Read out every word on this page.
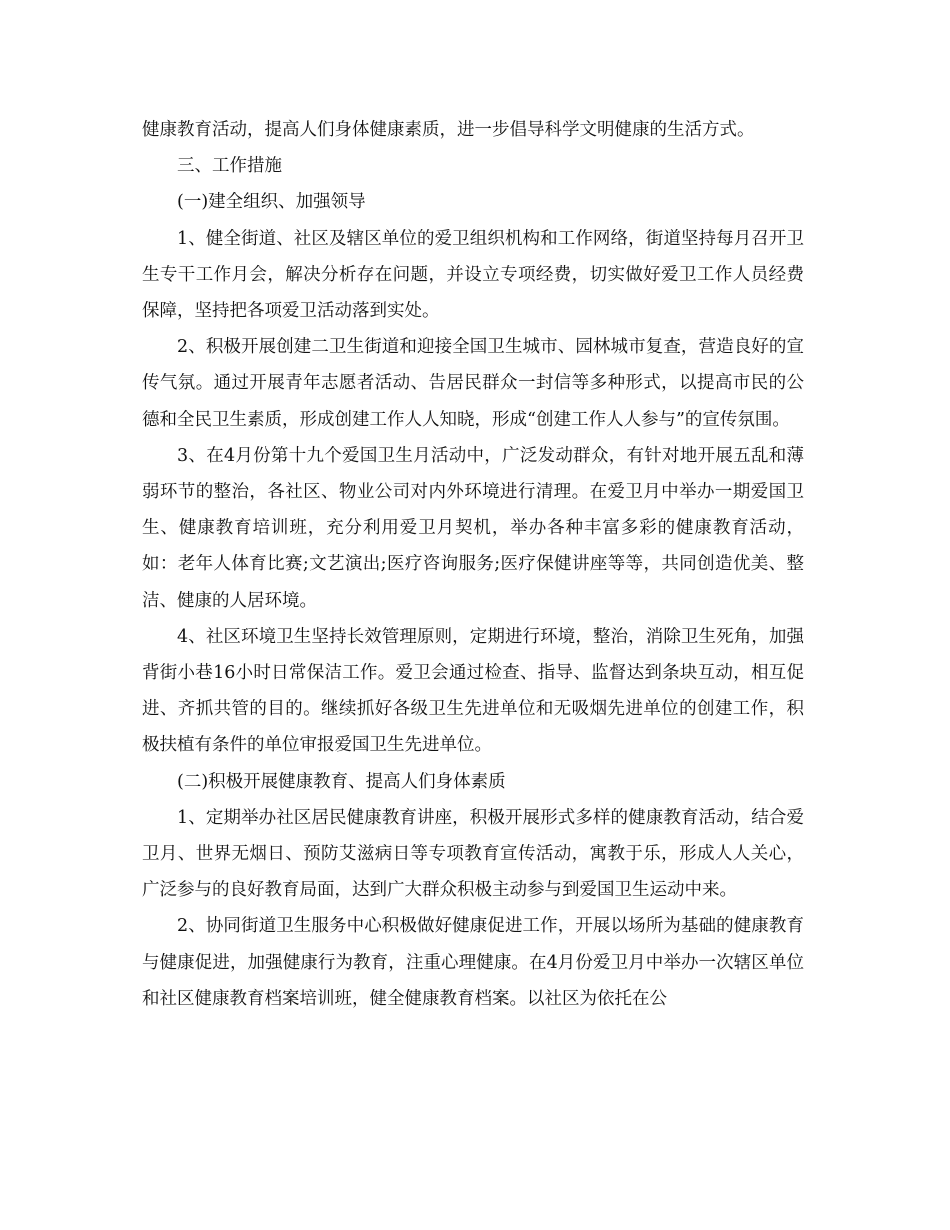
健康教育活动，提高人们身体健康素质，进一步倡导科学文明健康的生活方式。

三、工作措施

(一)建全组织、加强领导

1、健全街道、社区及辖区单位的爱卫组织机构和工作网络，街道坚持每月召开卫生专干工作月会，解决分析存在问题，并设立专项经费，切实做好爱卫工作人员经费保障，坚持把各项爱卫活动落到实处。

2、积极开展创建二卫生街道和迎接全国卫生城市、园林城市复查，营造良好的宣传气氛。通过开展青年志愿者活动、告居民群众一封信等多种形式，以提高市民的公德和全民卫生素质，形成创建工作人人知晓，形成“创建工作人人参与”的宣传氛围。

3、在4月份第十九个爱国卫生月活动中，广泛发动群众，有针对地开展五乱和薄弱环节的整治，各社区、物业公司对内外环境进行清理。在爱卫月中举办一期爱国卫生、健康教育培训班，充分利用爱卫月契机，举办各种丰富多彩的健康教育活动，如：老年人体育比赛;文艺演出;医疗咨询服务;医疗保健讲座等等，共同创造优美、整洁、健康的人居环境。

4、社区环境卫生坚持长效管理原则，定期进行环境，整治，消除卫生死角，加强背街小巷16小时日常保洁工作。爱卫会通过检查、指导、监督达到条块互动，相互促进、齐抓共管的目的。继续抓好各级卫生先进单位和无吸烟先进单位的创建工作，积极扶植有条件的单位审报爱国卫生先进单位。

(二)积极开展健康教育、提高人们身体素质

1、定期举办社区居民健康教育讲座，积极开展形式多样的健康教育活动，结合爱卫月、世界无烟日、预防艾滋病日等专项教育宣传活动，寓教于乐，形成人人关心，广泛参与的良好教育局面，达到广大群众积极主动参与到爱国卫生运动中来。

2、协同街道卫生服务中心积极做好健康促进工作，开展以场所为基础的健康教育与健康促进，加强健康行为教育，注重心理健康。在4月份爱卫月中举办一次辖区单位和社区健康教育档案培训班，健全健康教育档案。以社区为依托在公
